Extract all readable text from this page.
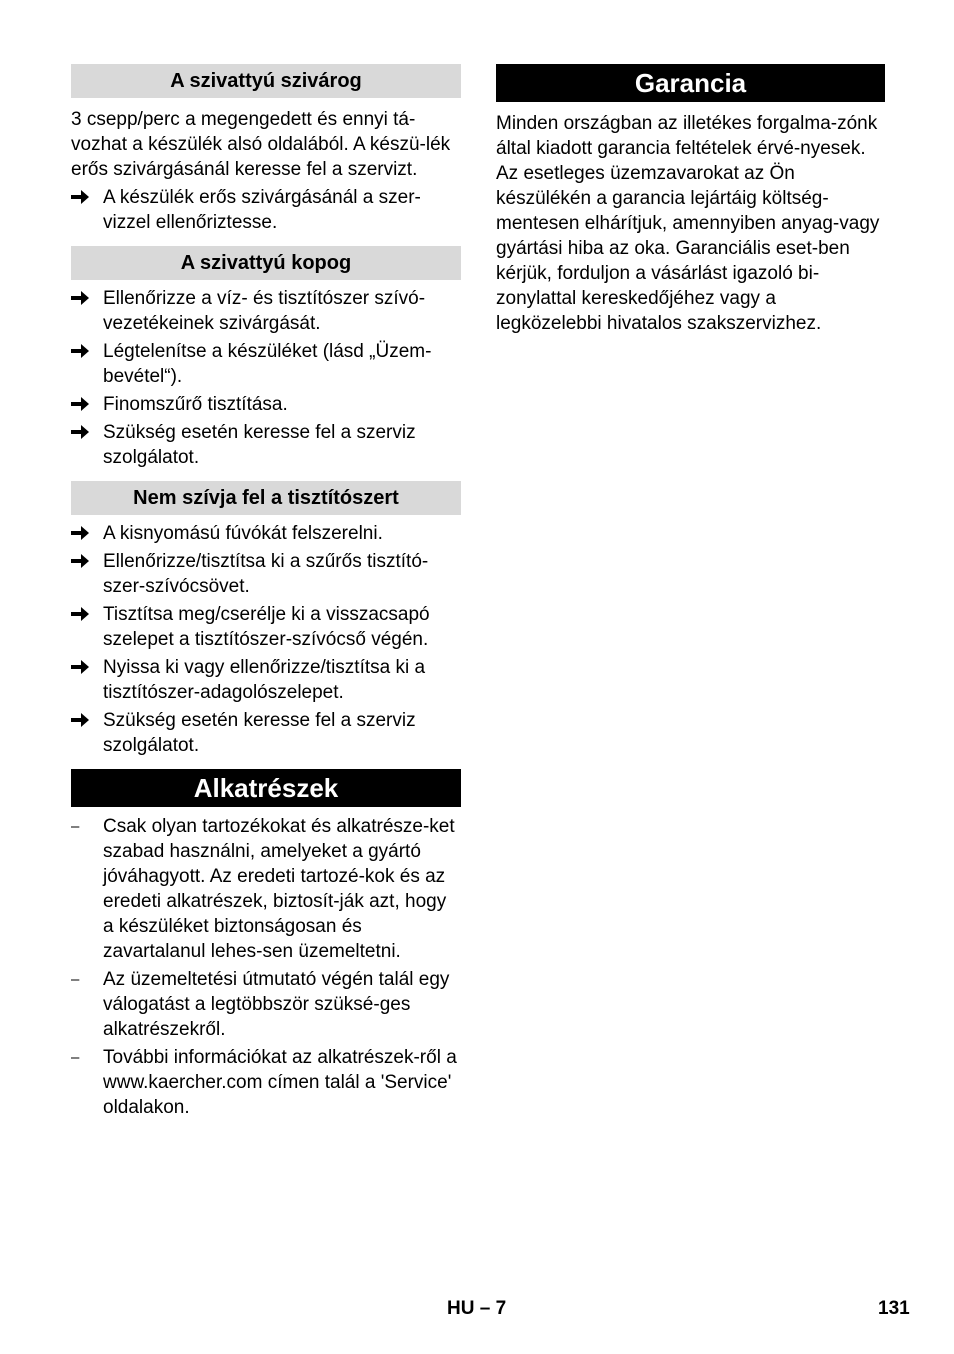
A szivattyú szivárog

3 csepp/perc a megengedett és ennyi tá-vozhat a készülék alsó oldalából. A készü-lék erős szivárgásánál keresse fel a szervizt.

A készülék erős szivárgásánál a szer-vizzel ellenőriztesse.
A szivattyú kopog
Ellenőrizze a víz- és tisztítószer szívó-vezetékeinek szivárgását.
Légtelenítse a készüléket (lásd „Üzem-bevétel“).
Finomszűrő tisztítása.
Szükség esetén keresse fel a szerviz szolgálatot.
Nem szívja fel a tisztítószert
A kisnyomású fúvókát felszerelni.
Ellenőrizze/tisztítsa ki a szűrős tisztító-szer-szívócsövet.
Tisztítsa meg/cserélje ki a visszacsapó szelepet a tisztítószer-szívócső végén.
Nyissa ki vagy ellenőrizze/tisztítsa ki a tisztítószer-adagolószelepet.
Szükség esetén keresse fel a szerviz szolgálatot.
Alkatrészek
– Csak olyan tartozékokat és alkatrésze-ket szabad használni, amelyeket a gyártó jóváhagyott. Az eredeti tartozé-kok és az eredeti alkatrészek, biztosít-ják azt, hogy a készüléket biztonságosan és zavartalanul lehes-sen üzemeltetni.
– Az üzemeltetési útmutató végén talál egy válogatást a legtöbbször szüksé-ges alkatrészekről.
– További információkat az alkatrészek-ről a www.kaercher.com címen talál a 'Service' oldalakon.
Garancia

Minden országban az illetékes forgalma-zónk által kiadott garancia feltételek érvé-nyesek. Az esetleges üzemzavarokat az Ön készülékén a garancia lejártáig költség-mentesen elhárítjuk, amennyiben anyag-vagy gyártási hiba az oka. Garanciális eset-ben kérjük, forduljon a vásárlást igazoló bi-zonylattal kereskedőjéhez vagy a legközelebbi hivatalos szakszervizhez.

HU – 7	131
